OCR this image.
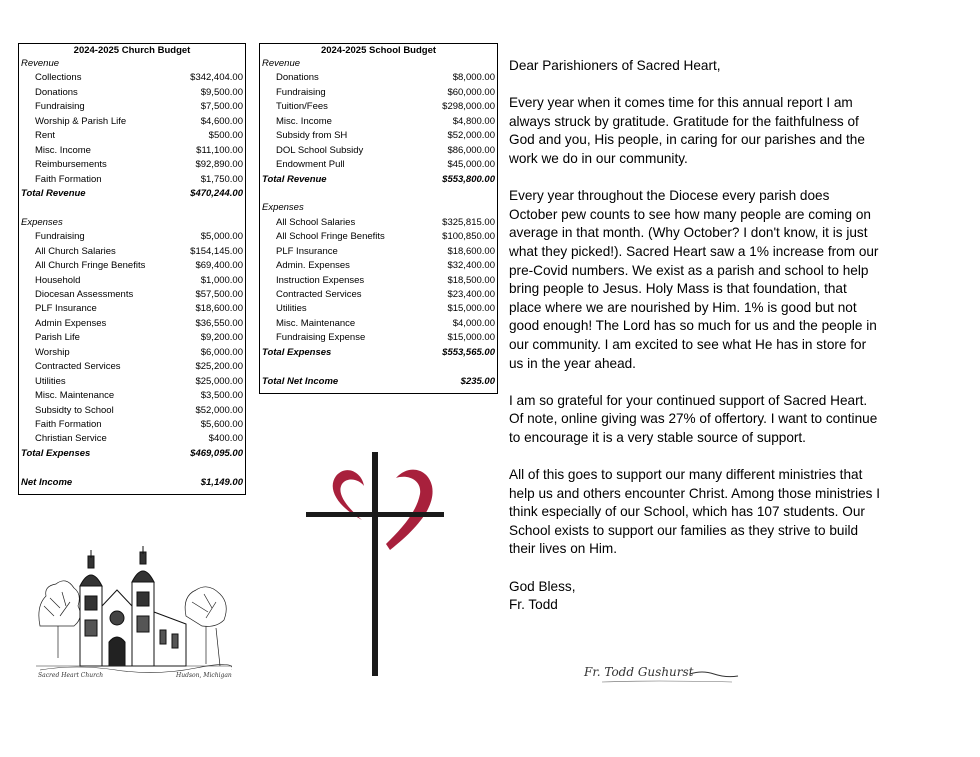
2024-2025 Church Budget
Revenue
Collections	$342,404.00
Donations	$9,500.00
Fundraising	$7,500.00
Worship & Parish Life	$4,600.00
Rent	$500.00
Misc. Income	$11,100.00
Reimbursements	$92,890.00
Faith Formation	$1,750.00
Total Revenue	$470,244.00
Expenses
Fundraising	$5,000.00
All Church Salaries	$154,145.00
All Church Fringe Benefits	$69,400.00
Household	$1,000.00
Diocesan Assessments	$57,500.00
PLF Insurance	$18,600.00
Admin Expenses	$36,550.00
Parish Life	$9,200.00
Worship	$6,000.00
Contracted Services	$25,200.00
Utilities	$25,000.00
Misc. Maintenance	$3,500.00
Subsidty to School	$52,000.00
Faith Formation	$5,600.00
Christian Service	$400.00
Total Expenses	$469,095.00
Net Income	$1,149.00
2024-2025 School Budget
Revenue
Donations	$8,000.00
Fundraising	$60,000.00
Tuition/Fees	$298,000.00
Misc. Income	$4,800.00
Subsidy from SH	$52,000.00
DOL School Subsidy	$86,000.00
Endowment Pull	$45,000.00
Total Revenue	$553,800.00
Expenses
All School Salaries	$325,815.00
All School Fringe Benefits	$100,850.00
PLF Insurance	$18,600.00
Admin. Expenses	$32,400.00
Instruction Expenses	$18,500.00
Contracted Services	$23,400.00
Utilities	$15,000.00
Misc. Maintenance	$4,000.00
Fundraising Expense	$15,000.00
Total Expenses	$553,565.00
Total Net Income	$235.00

Dear Parishioners of Sacred Heart,

Every year when it comes time for this annual report I am always struck by gratitude. Gratitude for the faithfulness of God and you, His people, in caring for our parishes and the work we do in our community.

Every year throughout the Diocese every parish does October pew counts to see how many people are coming on average in that month. (Why October? I don't know, it is just what they picked!). Sacred Heart saw a 1% increase from our pre-Covid numbers. We exist as a parish and school to help bring people to Jesus. Holy Mass is that foundation, that place where we are nourished by Him. 1% is good but not good enough! The Lord has so much for us and the people in our community. I am excited to see what He has in store for us in the year ahead.

I am so grateful for your continued support of Sacred Heart. Of note, online giving was 27% of offertory. I want to continue to encourage it is a very stable source of support.

All of this goes to support our many different ministries that help us and others encounter Christ. Among those ministries I think especially of our School, which has 107 students. Our School exists to support our families as they strive to build their lives on Him.

God Bless,

Fr. Todd

Fr. Todd Gushurst
Sacred Heart Church	Hudson, Michigan
